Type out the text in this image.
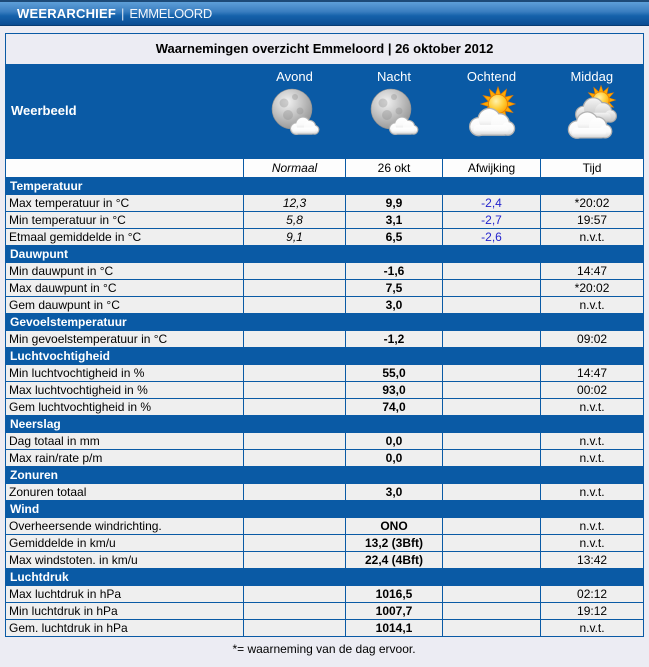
WEERARCHIEF | EMMELOORD
Waarnemingen overzicht Emmeloord | 26 oktober 2012				
Weerbeeld	Avond	Nacht	Ochtend	Middag

	Normaal	26 okt	Afwijking	Tijd
Temperatuur				
Max temperatuur in °C	12,3	9,9	-2,4	*20:02
Min temperatuur in °C	5,8	3,1	-2,7	19:57
Etmaal gemiddelde in °C	9,1	6,5	-2,6	n.v.t.
Dauwpunt				
Min dauwpunt in °C		-1,6		14:47
Max dauwpunt in °C		7,5		*20:02
Gem dauwpunt in °C		3,0		n.v.t.
Gevoelstemperatuur				
Min gevoelstemperatuur in °C		-1,2		09:02
Luchtvochtigheid				
Min luchtvochtigheid in %		55,0		14:47
Max luchtvochtigheid in %		93,0		00:02
Gem luchtvochtigheid in %		74,0		n.v.t.
Neerslag				
Dag totaal in mm		0,0		n.v.t.
Max rain/rate p/m		0,0		n.v.t.
Zonuren				
Zonuren totaal		3,0		n.v.t.
Wind				
Overheersende windrichting.		ONO		n.v.t.
Gemiddelde in km/u		13,2 (3Bft)		n.v.t.
Max windstoten. in km/u		22,4 (4Bft)		13:42
Luchtdruk				
Max luchtdruk in hPa		1016,5		02:12
Min luchtdruk in hPa		1007,7		19:12
Gem. luchtdruk in hPa		1014,1		n.v.t.
*= waarneming van de dag ervoor.
